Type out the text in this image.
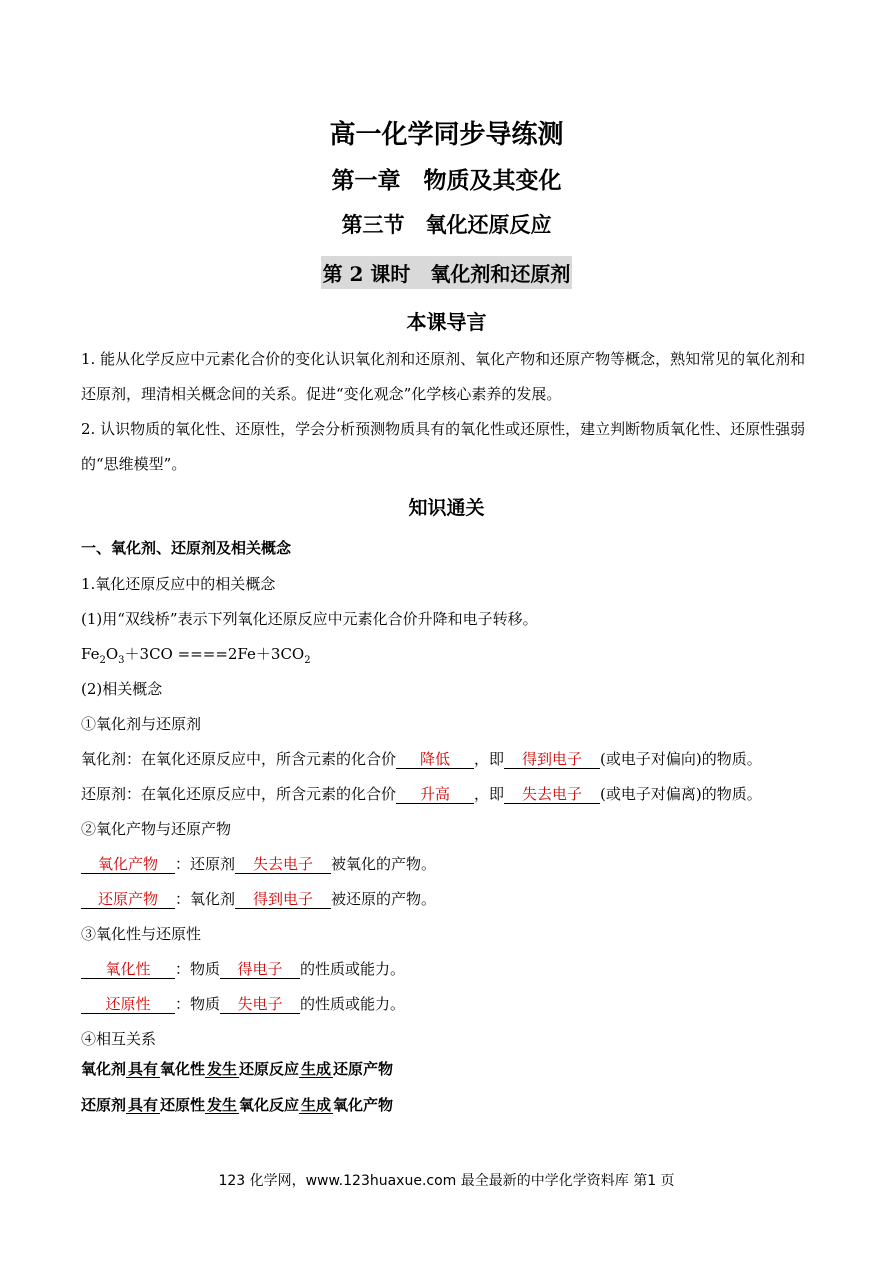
高一化学同步导练测
第一章　物质及其变化
第三节　氧化还原反应
第 2 课时　氧化剂和还原剂
本课导言
1. 能从化学反应中元素化合价的变化认识氧化剂和还原剂、氧化产物和还原产物等概念，熟知常见的氧化剂和还原剂，理清相关概念间的关系。促进“变化观念”化学核心素养的发展。
2. 认识物质的氧化性、还原性，学会分析预测物质具有的氧化性或还原性，建立判断物质氧化性、还原性强弱的“思维模型”。
知识通关
一、氧化剂、还原剂及相关概念
1.氧化还原反应中的相关概念
(1)用“双线桥”表示下列氧化还原反应中元素化合价升降和电子转移。
$Fe_2O_3+3CO ====2Fe+3CO_2$
(2)相关概念
①氧化剂与还原剂
氧化剂：在氧化还原反应中，所含元素的化合价 降低 ，即 得到电子 (或电子对偏向)的物质。
还原剂：在氧化还原反应中，所含元素的化合价 升高 ，即 失去电子 (或电子对偏离)的物质。
②氧化产物与还原产物
氧化产物 ：还原剂 失去电子 被氧化的产物。
还原产物 ：氧化剂 得到电子 被还原的产物。
③氧化性与还原性
氧化性 ：物质 得电子 的性质或能力。
还原性 ：物质 失电子 的性质或能力。
④相互关系
氧化剂 具有 氧化性 发生 还原反应 生成 还原产物
还原剂 具有 还原性 发生 氧化反应 生成 氧化产物
123 化学网，www.123huaxue.com 最全最新的中学化学资料库 第1 页
